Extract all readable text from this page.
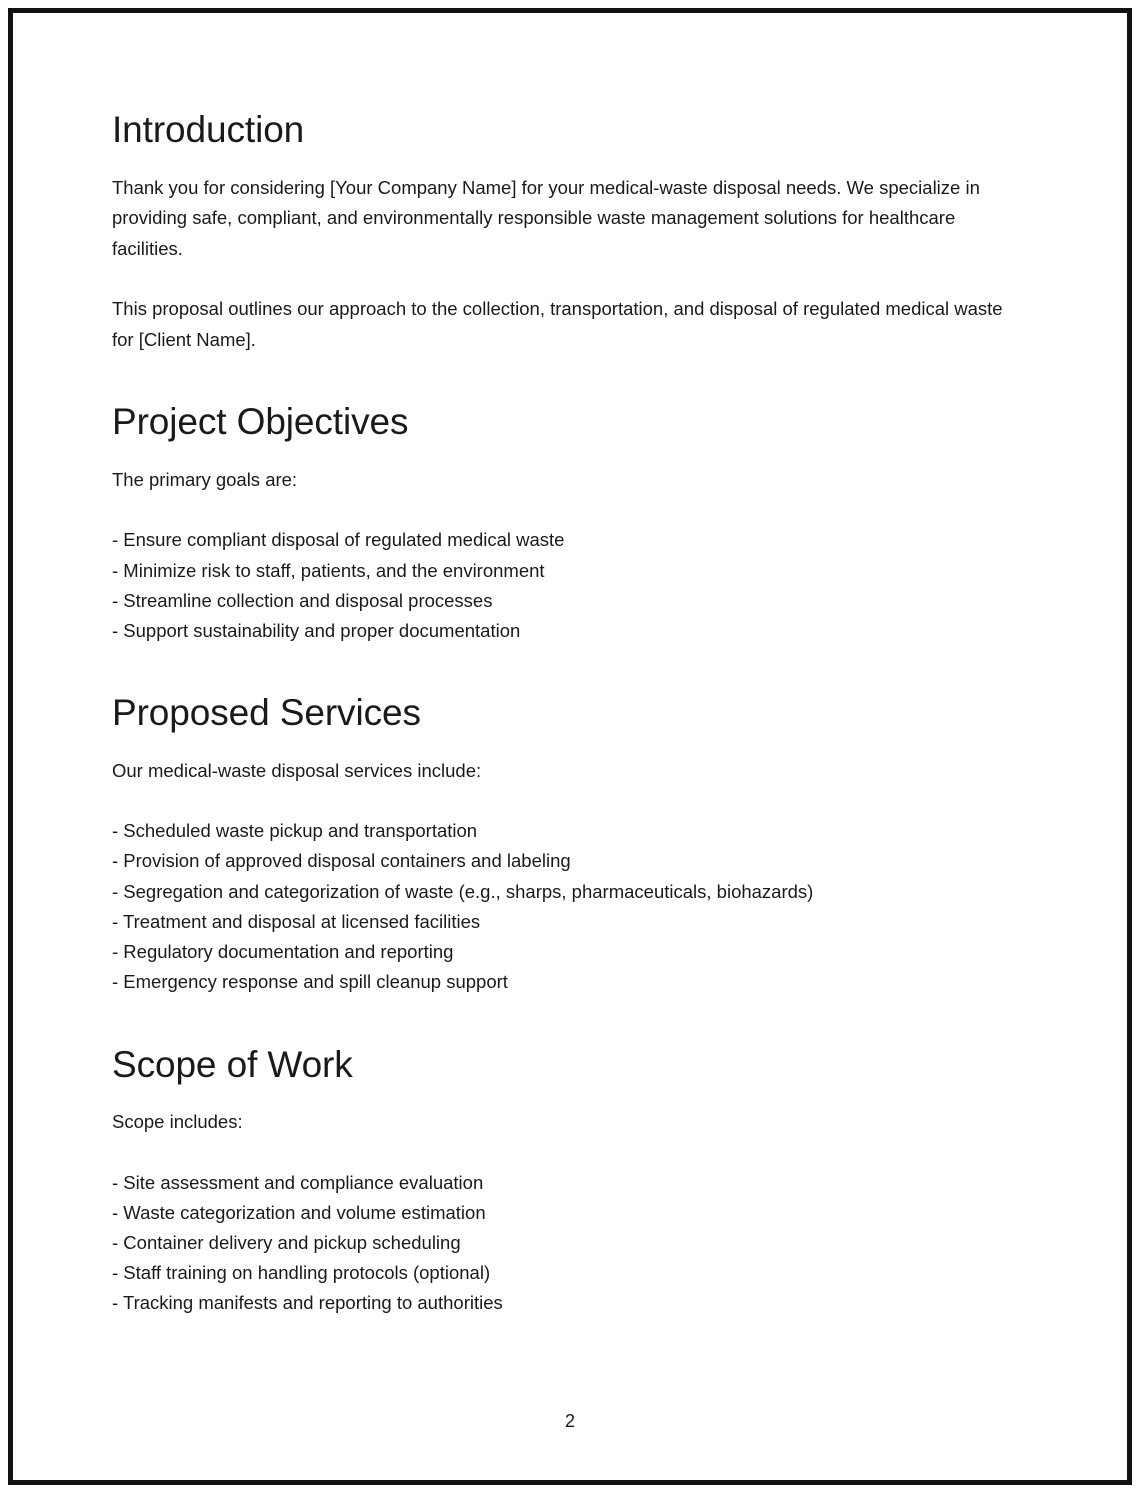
Introduction

Thank you for considering [Your Company Name] for your medical-waste disposal needs. We specialize in providing safe, compliant, and environmentally responsible waste management solutions for healthcare facilities.

This proposal outlines our approach to the collection, transportation, and disposal of regulated medical waste for [Client Name].

Project Objectives

The primary goals are:

- Ensure compliant disposal of regulated medical waste
- Minimize risk to staff, patients, and the environment
- Streamline collection and disposal processes
- Support sustainability and proper documentation
Proposed Services

Our medical-waste disposal services include:

- Scheduled waste pickup and transportation
- Provision of approved disposal containers and labeling
- Segregation and categorization of waste (e.g., sharps, pharmaceuticals, biohazards)
- Treatment and disposal at licensed facilities
- Regulatory documentation and reporting
- Emergency response and spill cleanup support
Scope of Work

Scope includes:

- Site assessment and compliance evaluation
- Waste categorization and volume estimation
- Container delivery and pickup scheduling
- Staff training on handling protocols (optional)
- Tracking manifests and reporting to authorities
2
